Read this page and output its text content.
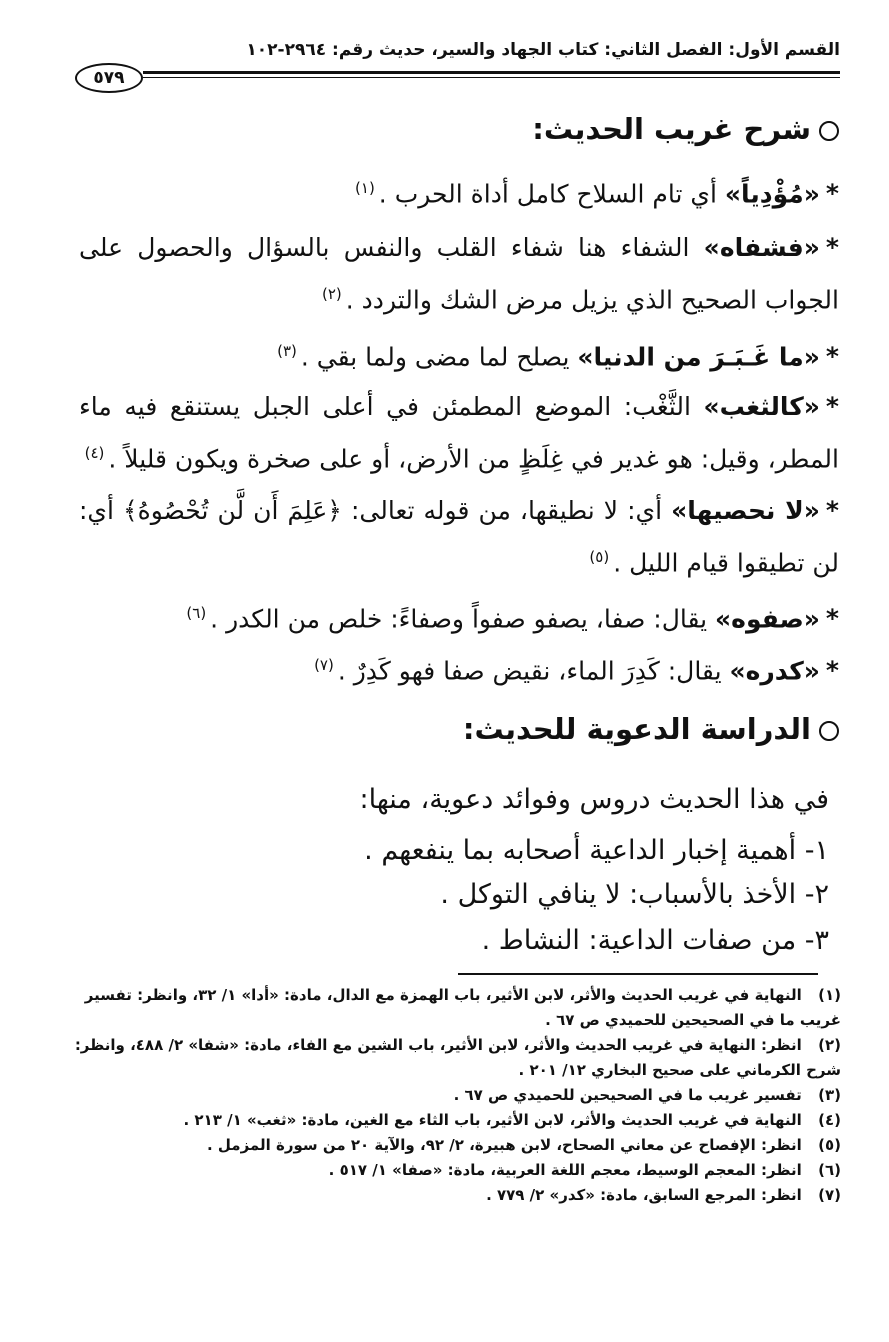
القسم الأول: الفصل الثاني: كتاب الجهاد والسير، حديث رقم: ٢٩٦٤-١٠٢
٥٧٩
شرح غريب الحديث:
*«مُؤْدِياً» أي تام السلاح كامل أداة الحرب .$^{(١)}$
*«فشفاه» الشفاء هنا شفاء القلب والنفس بالسؤال والحصول على الجواب الصحيح الذي يزيل مرض الشك والتردد .$^{(٢)}$
*«ما غَـبَـرَ من الدنيا» يصلح لما مضى ولما بقي .$^{(٣)}$
*«كالثغب» الثَّغْب: الموضع المطمئن في أعلى الجبل يستنقع فيه ماء المطر، وقيل: هو غدير في غِلَظٍ من الأرض، أو على صخرة ويكون قليلاً .$^{(٤)}$
*«لا نحصيها» أي: لا نطيقها، من قوله تعالى: ﴿عَلِمَ أَن لَّن تُحْصُوهُ﴾ أي: لن تطيقوا قيام الليل .$^{(٥)}$
*«صفوه» يقال: صفا، يصفو صفواً وصفاءً: خلص من الكدر .$^{(٦)}$
*«كدره» يقال: كَدِرَ الماء، نقيض صفا فهو كَدِرٌ .$^{(٧)}$
الدراسة الدعوية للحديث:
في هذا الحديث دروس وفوائد دعوية، منها:
١- أهمية إخبار الداعية أصحابه بما ينفعهم .
٢- الأخذ بالأسباب: لا ينافي التوكل .
٣- من صفات الداعية: النشاط .
(١) النهاية في غريب الحديث والأثر، لابن الأثير، باب الهمزة مع الدال، مادة: «أدا» ١/ ٣٢، وانظر: تفسير غريب ما في الصحيحين للحميدي ص ٦٧ .
(٢) انظر: النهاية في غريب الحديث والأثر، لابن الأثير، باب الشين مع الفاء، مادة: «شفا» ٢/ ٤٨٨، وانظر: شرح الكرماني على صحيح البخاري ١٢/ ٢٠١ .
(٣) تفسير غريب ما في الصحيحين للحميدي ص ٦٧ .
(٤) النهاية في غريب الحديث والأثر، لابن الأثير، باب الثاء مع الغين، مادة: «ثغب» ١/ ٢١٣ .
(٥) انظر: الإفصاح عن معاني الصحاح، لابن هبيرة، ٢/ ٩٢، والآية ٢٠ من سورة المزمل .
(٦) انظر: المعجم الوسيط، معجم اللغة العربية، مادة: «صفا» ١/ ٥١٧ .
(٧) انظر: المرجع السابق، مادة: «كدر» ٢/ ٧٧٩ .
